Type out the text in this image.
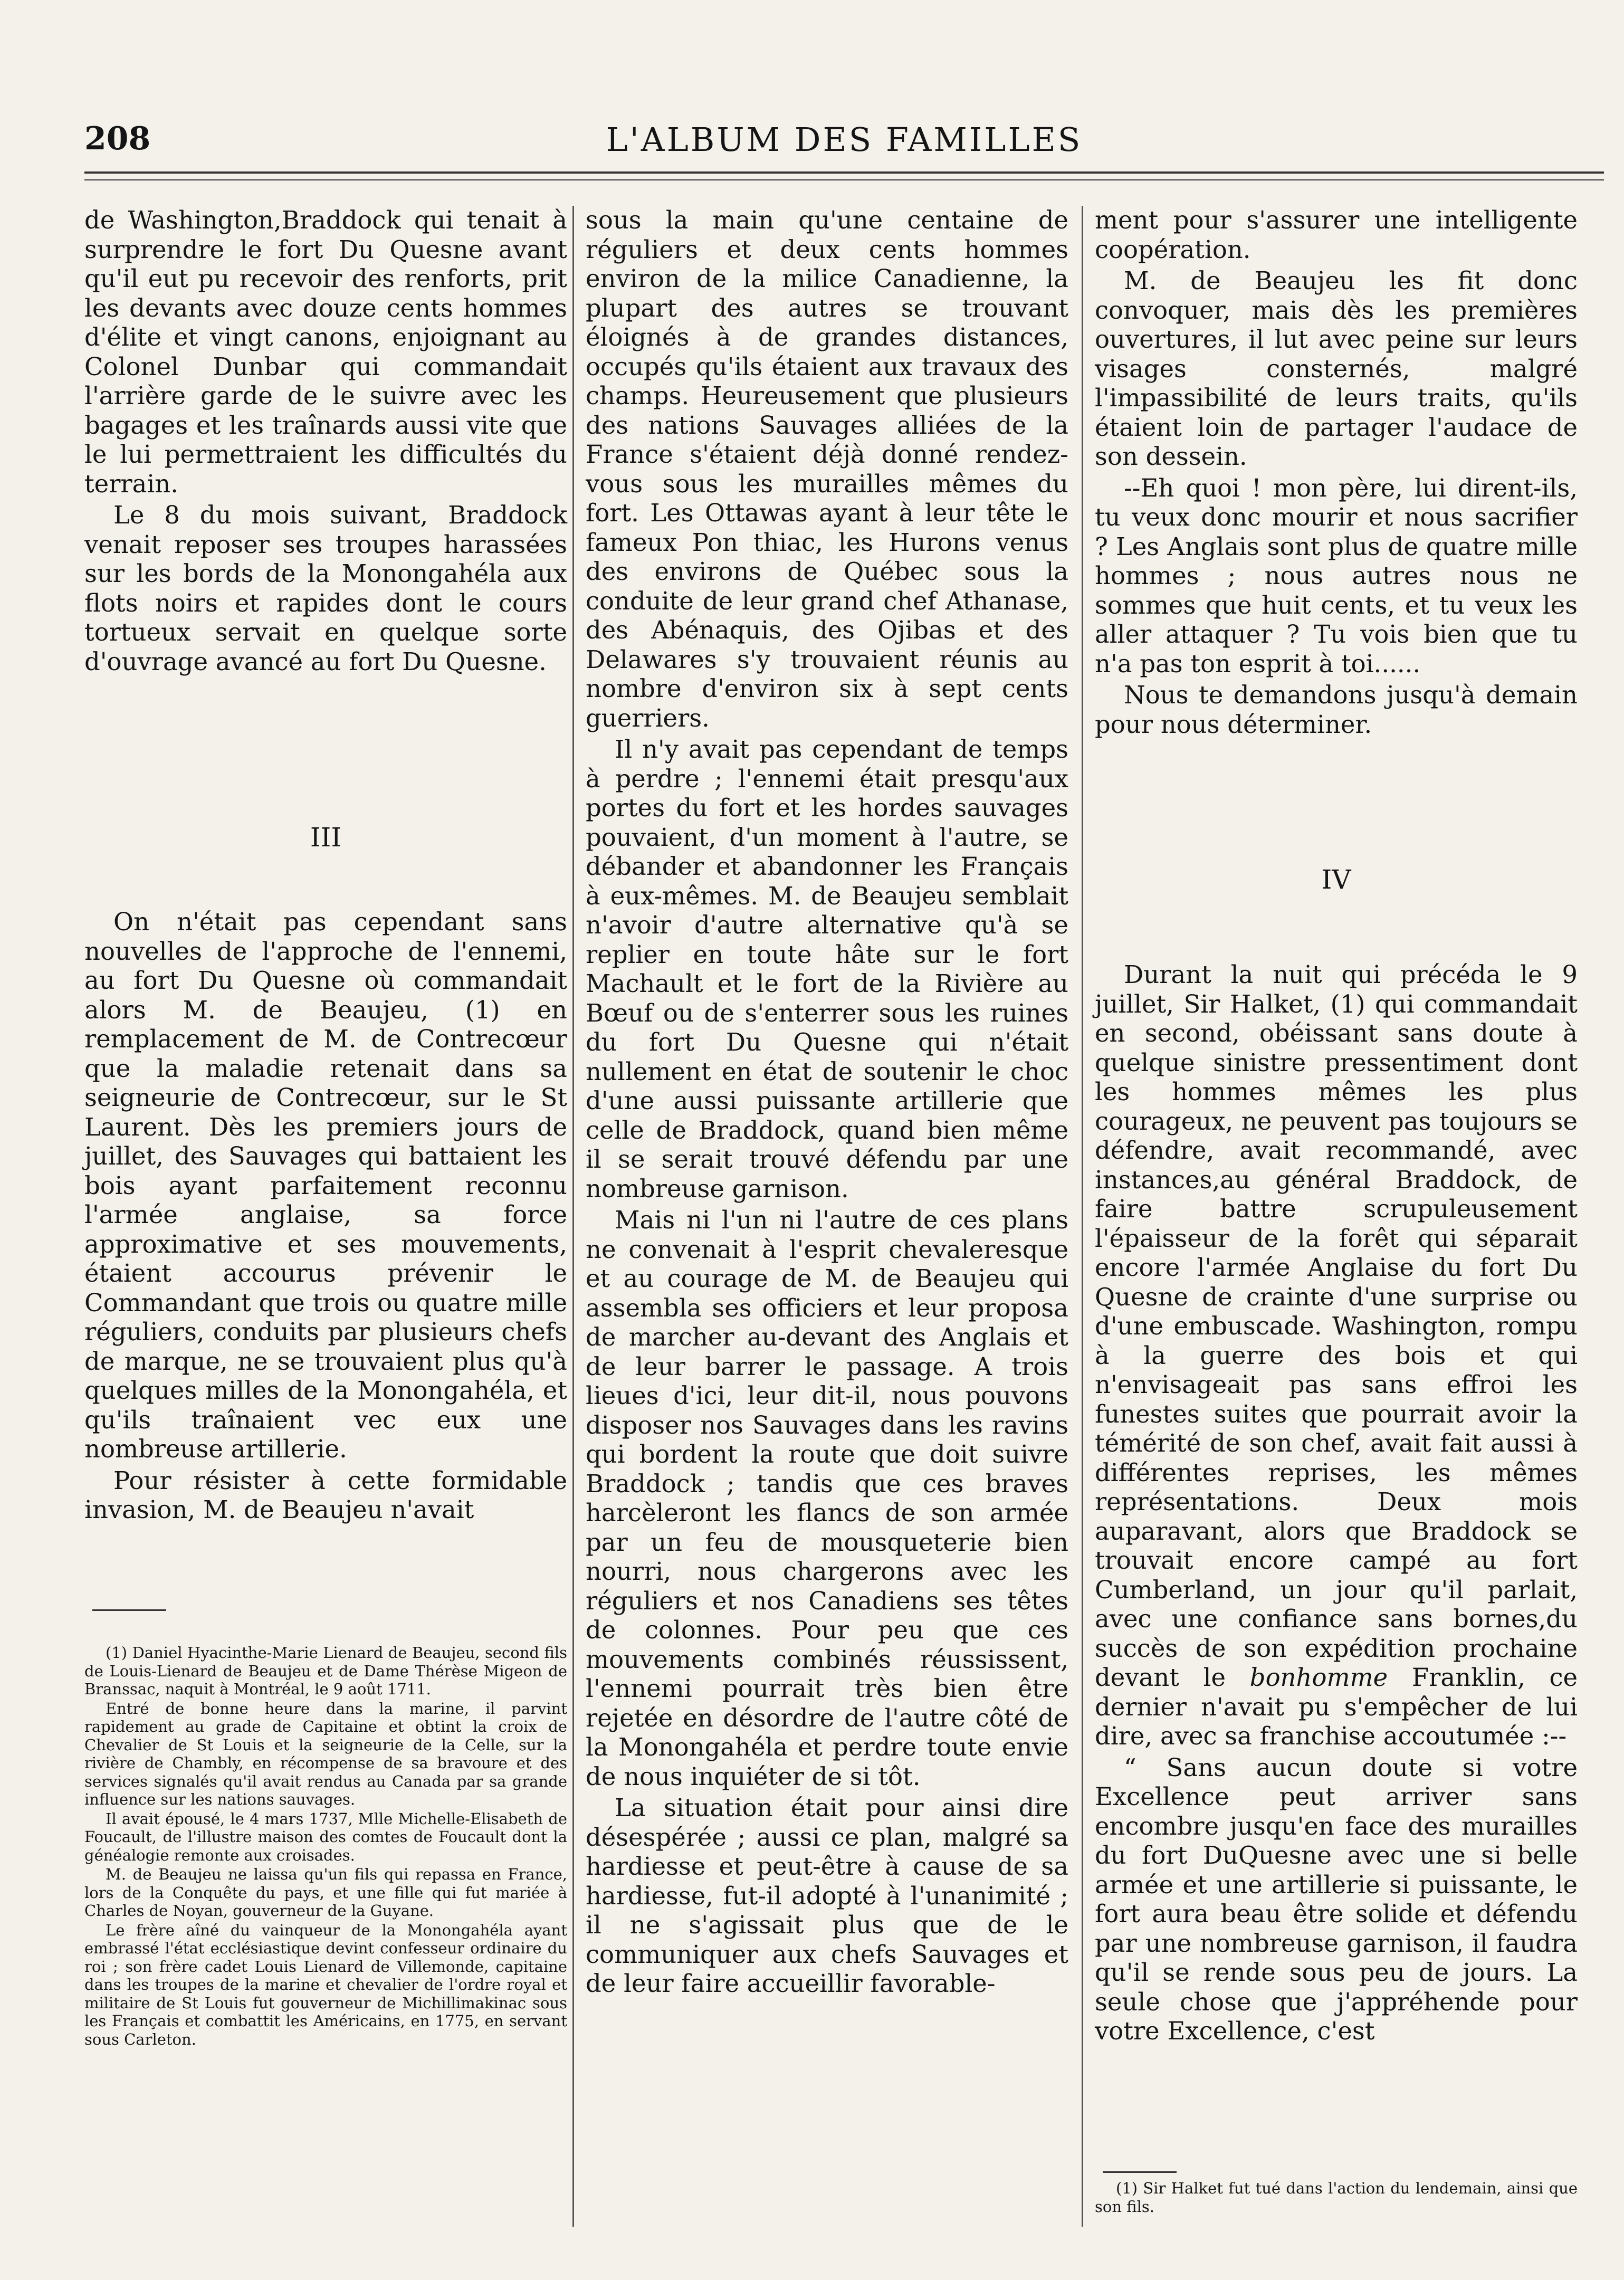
208	L'ALBUM DES FAMILLES

de Washington,Braddock qui tenait à surprendre le fort Du Quesne avant qu'il eut pu recevoir des renforts, prit les devants avec douze cents hommes d'élite et vingt canons, enjoignant au Colonel Dunbar qui commandait l'arrière garde de le suivre avec les bagages et les traînards aussi vite que le lui permettraient les difficultés du terrain.

Le 8 du mois suivant, Braddock venait reposer ses troupes harassées sur les bords de la Monongahéla aux flots noirs et rapides dont le cours tortueux servait en quelque sorte d'ouvrage avancé au fort Du Quesne.

III

On n'était pas cependant sans nouvelles de l'approche de l'ennemi, au fort Du Quesne où commandait alors M. de Beaujeu, (1) en remplacement de M. de Contrecœur que la maladie retenait dans sa seigneurie de Contrecœur, sur le St Laurent. Dès les premiers jours de juillet, des Sauvages qui battaient les bois ayant parfaitement reconnu l'armée anglaise, sa force approximative et ses mouvements, étaient accourus prévenir le Commandant que trois ou quatre mille réguliers, conduits par plusieurs chefs de marque, ne se trouvaient plus qu'à quelques milles de la Monongahéla, et qu'ils traînaient vec eux une nombreuse artillerie.

Pour résister à cette formidable invasion, M. de Beaujeu n'avait

(1) Daniel Hyacinthe-Marie Lienard de Beaujeu, second fils de Louis-Lienard de Beaujeu et de Dame Thérèse Migeon de Branssac, naquit à Montréal, le 9 août 1711.

Entré de bonne heure dans la marine, il parvint rapidement au grade de Capitaine et obtint la croix de Chevalier de St Louis et la seigneurie de la Celle, sur la rivière de Chambly, en récompense de sa bravoure et des services signalés qu'il avait rendus au Canada par sa grande influence sur les nations sauvages.

Il avait épousé, le 4 mars 1737, Mlle Michelle-Elisabeth de Foucault, de l'illustre maison des comtes de Foucault dont la généalogie remonte aux croisades.

M. de Beaujeu ne laissa qu'un fils qui repassa en France, lors de la Conquête du pays, et une fille qui fut mariée à Charles de Noyan, gouverneur de la Guyane.

Le frère aîné du vainqueur de la Monongahéla ayant embrassé l'état ecclésiastique devint confesseur ordinaire du roi ; son frère cadet Louis Lienard de Villemonde, capitaine dans les troupes de la marine et chevalier de l'ordre royal et militaire de St Louis fut gouverneur de Michillimakinac sous les Français et combattit les Américains, en 1775, en servant sous Carleton.

sous la main qu'une centaine de réguliers et deux cents hommes environ de la milice Canadienne, la plupart des autres se trouvant éloignés à de grandes distances, occupés qu'ils étaient aux travaux des champs. Heureusement que plusieurs des nations Sauvages alliées de la France s'étaient déjà donné rendez-vous sous les murailles mêmes du fort. Les Ottawas ayant à leur tête le fameux Pon thiac, les Hurons venus des environs de Québec sous la conduite de leur grand chef Athanase, des Abénaquis, des Ojibas et des Delawares s'y trouvaient réunis au nombre d'environ six à sept cents guerriers.

Il n'y avait pas cependant de temps à perdre ; l'ennemi était presqu'aux portes du fort et les hordes sauvages pouvaient, d'un moment à l'autre, se débander et abandonner les Français à eux-mêmes. M. de Beaujeu semblait n'avoir d'autre alternative qu'à se replier en toute hâte sur le fort Machault et le fort de la Rivière au Bœuf ou de s'enterrer sous les ruines du fort Du Quesne qui n'était nullement en état de soutenir le choc d'une aussi puissante artillerie que celle de Braddock, quand bien même il se serait trouvé défendu par une nombreuse garnison.

Mais ni l'un ni l'autre de ces plans ne convenait à l'esprit chevaleresque et au courage de M. de Beaujeu qui assembla ses officiers et leur proposa de marcher au-devant des Anglais et de leur barrer le passage. A trois lieues d'ici, leur dit-il, nous pouvons disposer nos Sauvages dans les ravins qui bordent la route que doit suivre Braddock ; tandis que ces braves harcèleront les flancs de son armée par un feu de mousqueterie bien nourri, nous chargerons avec les réguliers et nos Canadiens ses têtes de colonnes. Pour peu que ces mouvements combinés réussissent, l'ennemi pourrait très bien être rejetée en désordre de l'autre côté de la Monongahéla et perdre toute envie de nous inquiéter de si tôt.

La situation était pour ainsi dire désespérée ; aussi ce plan, malgré sa hardiesse et peut-être à cause de sa hardiesse, fut-il adopté à l'unanimité ; il ne s'agissait plus que de le communiquer aux chefs Sauvages et de leur faire accueillir favorable-

ment pour s'assurer une intelligente coopération.

M. de Beaujeu les fit donc convoquer, mais dès les premières ouvertures, il lut avec peine sur leurs visages consternés, malgré l'impassibilité de leurs traits, qu'ils étaient loin de partager l'audace de son dessein.

--Eh quoi ! mon père, lui dirent-ils, tu veux donc mourir et nous sacrifier ? Les Anglais sont plus de quatre mille hommes ; nous autres nous ne sommes que huit cents, et tu veux les aller attaquer ? Tu vois bien que tu n'a pas ton esprit à toi......

Nous te demandons jusqu'à demain pour nous déterminer.

IV

Durant la nuit qui précéda le 9 juillet, Sir Halket, (1) qui commandait en second, obéissant sans doute à quelque sinistre pressentiment dont les hommes mêmes les plus courageux, ne peuvent pas toujours se défendre, avait recommandé, avec instances,au général Braddock, de faire battre scrupuleusement l'épaisseur de la forêt qui séparait encore l'armée Anglaise du fort Du Quesne de crainte d'une surprise ou d'une embuscade. Washington, rompu à la guerre des bois et qui n'envisageait pas sans effroi les funestes suites que pourrait avoir la témérité de son chef, avait fait aussi à différentes reprises, les mêmes représentations. Deux mois auparavant, alors que Braddock se trouvait encore campé au fort Cumberland, un jour qu'il parlait, avec une confiance sans bornes,du succès de son expédition prochaine devant le bonhomme Franklin, ce dernier n'avait pu s'empêcher de lui dire, avec sa franchise accoutumée :--

“ Sans aucun doute si votre Excellence peut arriver sans encombre jusqu'en face des murailles du fort DuQuesne avec une si belle armée et une artillerie si puissante, le fort aura beau être solide et défendu par une nombreuse garnison, il faudra qu'il se rende sous peu de jours. La seule chose que j'appréhende pour votre Excellence, c'est

(1) Sir Halket fut tué dans l'action du lendemain, ainsi que son fils.
